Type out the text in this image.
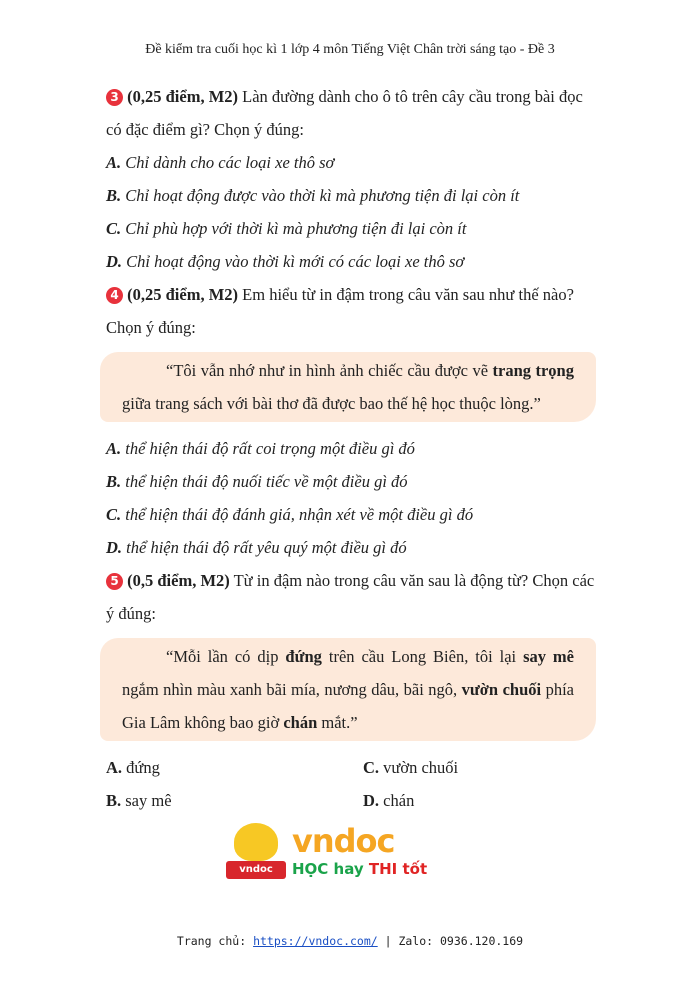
Đề kiểm tra cuối học kì 1 lớp 4 môn Tiếng Việt Chân trời sáng tạo - Đề 3
3 (0,25 điểm, M2) Làn đường dành cho ô tô trên cây cầu trong bài đọc có đặc điểm gì? Chọn ý đúng:
A. Chỉ dành cho các loại xe thô sơ
B. Chỉ hoạt động được vào thời kì mà phương tiện đi lại còn ít
C. Chỉ phù hợp với thời kì mà phương tiện đi lại còn ít
D. Chỉ hoạt động vào thời kì mới có các loại xe thô sơ
4 (0,25 điểm, M2) Em hiểu từ in đậm trong câu văn sau như thế nào? Chọn ý đúng:
“Tôi vẫn nhớ như in hình ảnh chiếc cầu được vẽ trang trọng giữa trang sách với bài thơ đã được bao thế hệ học thuộc lòng.”
A. thể hiện thái độ rất coi trọng một điều gì đó
B. thể hiện thái độ nuối tiếc về một điều gì đó
C. thể hiện thái độ đánh giá, nhận xét về một điều gì đó
D. thể hiện thái độ rất yêu quý một điều gì đó
5 (0,5 điểm, M2) Từ in đậm nào trong câu văn sau là động từ? Chọn các ý đúng:
“Mỗi lần có dịp đứng trên cầu Long Biên, tôi lại say mê ngắm nhìn màu xanh bãi mía, nương dâu, bãi ngô, vườn chuối phía Gia Lâm không bao giờ chán mắt.”
A. đứng	C. vườn chuối
B. say mê	D. chán
vndoc
vndoc
HỌC hay THI tốt
Trang chủ: https://vndoc.com/ | Zalo: 0936.120.169
